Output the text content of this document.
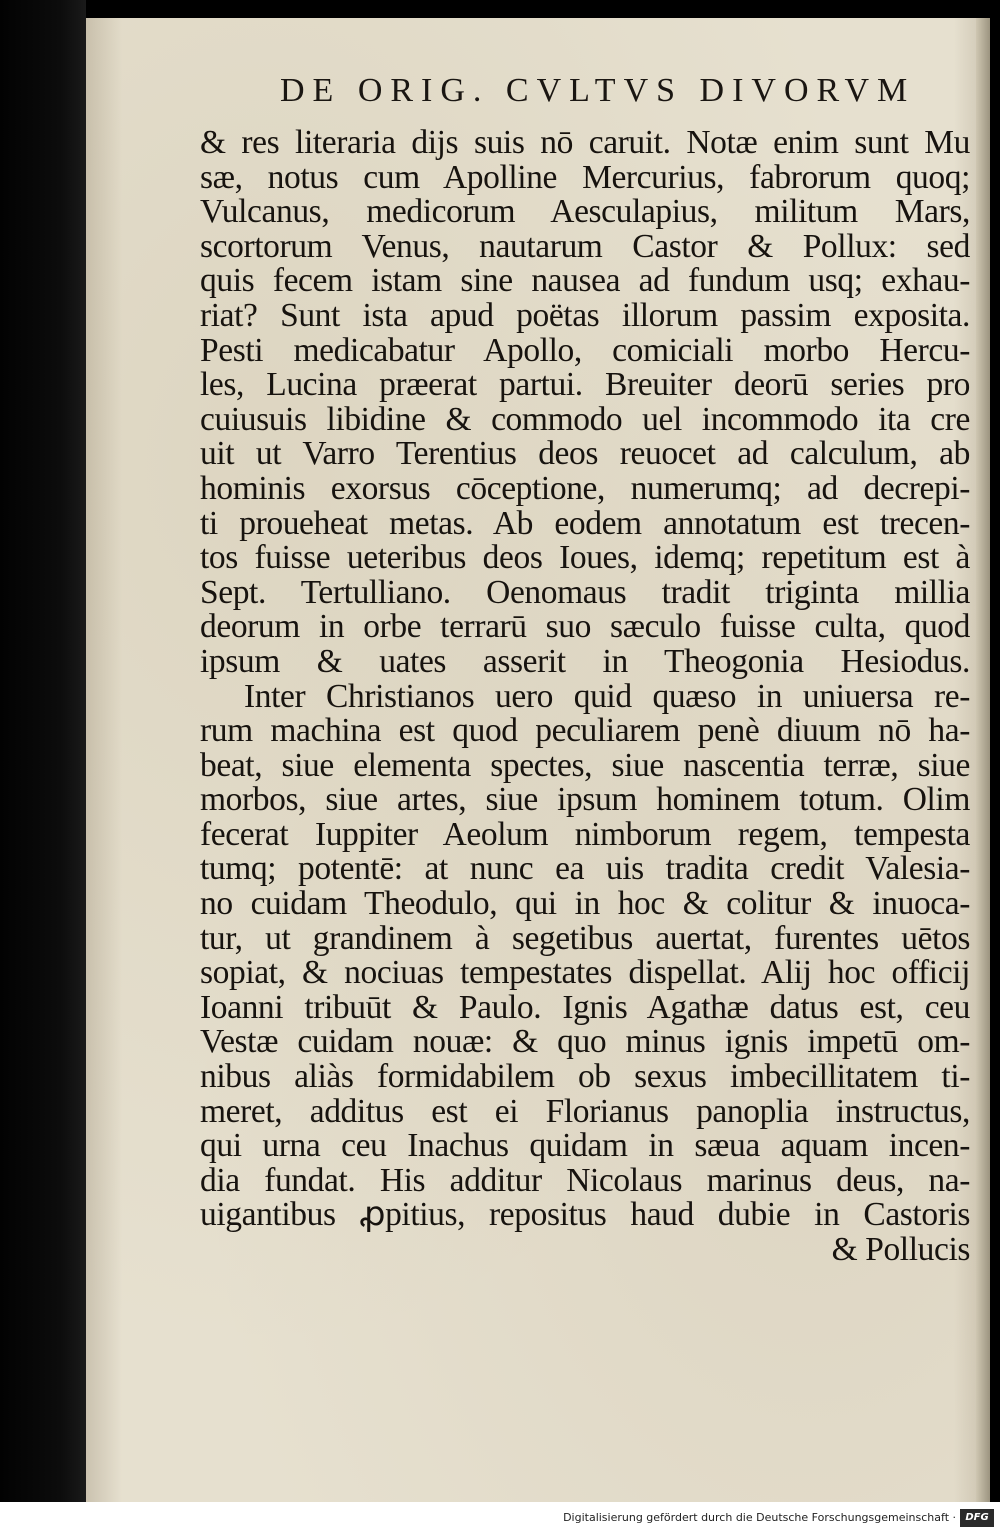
DE ORIG. CVLTVS DIVORVM
& res literaria dijs suis nō caruit. Notæ enim sunt Mu
sæ, notus cum Apolline Mercurius, fabrorum quoq;
Vulcanus, medicorum Aesculapius, militum Mars,
scortorum Venus, nautarum Castor & Pollux: sed
quis fecem istam sine nausea ad fundum usq; exhau-
riat? Sunt ista apud poëtas illorum passim exposita.
Pesti medicabatur Apollo, comiciali morbo Hercu-
les, Lucina præerat partui. Breuiter deorū series pro
cuiusuis libidine & commodo uel incommodo ita cre
uit ut Varro Terentius deos reuocet ad calculum, ab
hominis exorsus cōceptione, numerumq; ad decrepi-
ti proueheat metas. Ab eodem annotatum est trecen-
tos fuisse ueteribus deos Ioues, idemq; repetitum est à
Sept. Tertulliano. Oenomaus tradit triginta millia
deorum in orbe terrarū suo sæculo fuisse culta, quod
ipsum & uates asserit in Theogonia Hesiodus.
Inter Christianos uero quid quæso in uniuersa re-
rum machina est quod peculiarem penè diuum nō ha-
beat, siue elementa spectes, siue nascentia terræ, siue
morbos, siue artes, siue ipsum hominem totum. Olim
fecerat Iuppiter Aeolum nimborum regem, tempesta
tumq; potentē: at nunc ea uis tradita credit Valesia-
no cuidam Theodulo, qui in hoc & colitur & inuoca-
tur, ut grandinem à segetibus auertat, furentes uētos
sopiat, & nociuas tempestates dispellat. Alij hoc officij
Ioanni tribuūt & Paulo. Ignis Agathæ datus est, ceu
Vestæ cuidam nouæ: & quo minus ignis impetū om-
nibus aliàs formidabilem ob sexus imbecillitatem ti-
meret, additus est ei Florianus panoplia instructus,
qui urna ceu Inachus quidam in sæua aquam incen-
dia fundat. His additur Nicolaus marinus deus, na-
uigantibus ꝓpitius, repositus haud dubie in Castoris
& Pollucis
Digitalisierung gefördert durch die Deutsche Forschungsgemeinschaft · DFG
